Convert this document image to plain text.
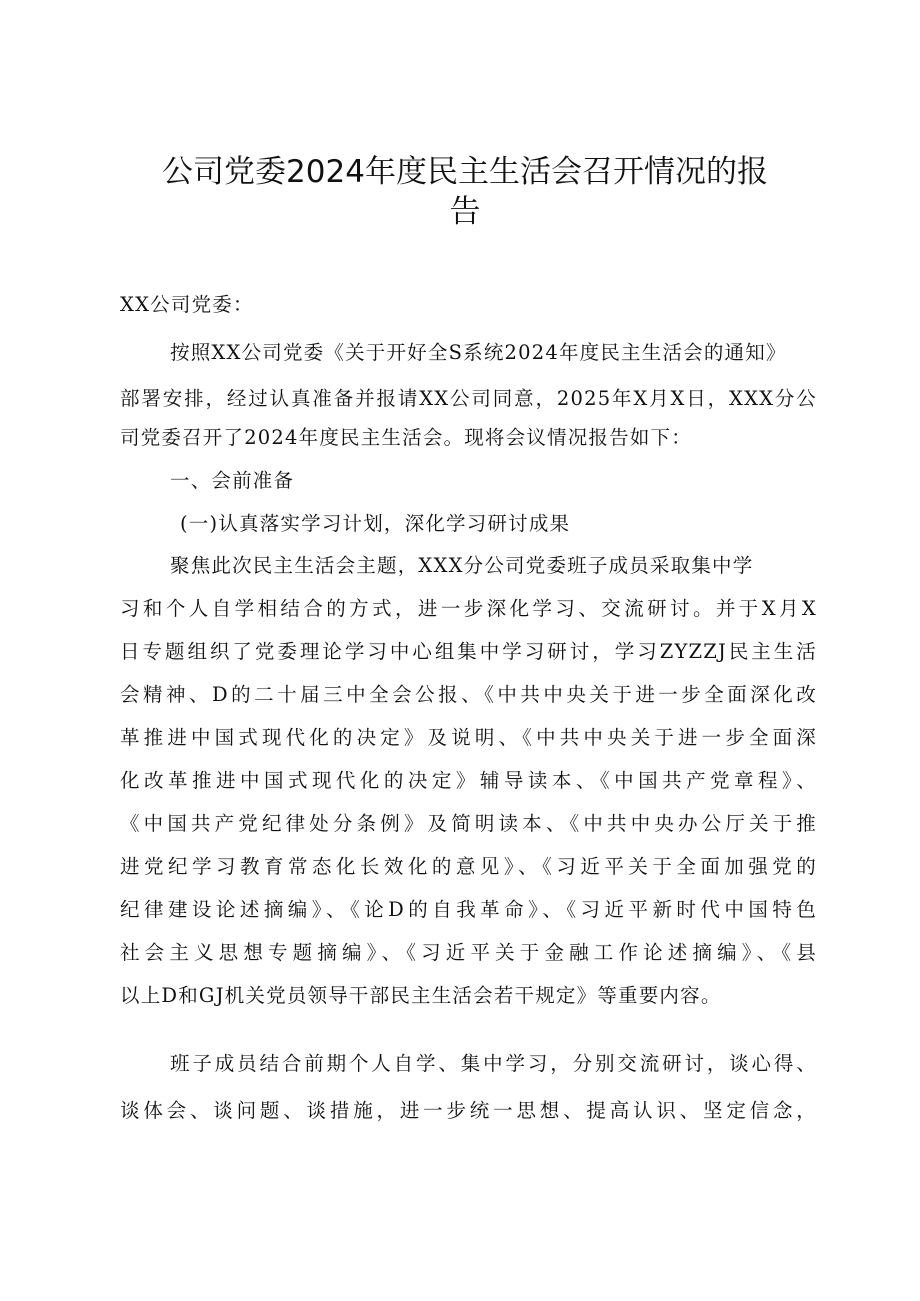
公司党委2024年度民主生活会召开情况的报
告
XX公司党委：
按照XX公司党委《关于开好全S系统2024年度民主生活会的通知》
部署安排，经过认真准备并报请XX公司同意，2025年X月X日，XXX分公
司党委召开了2024年度民主生活会。现将会议情况报告如下：
一、会前准备
(一)认真落实学习计划，深化学习研讨成果
聚焦此次民主生活会主题，XXX分公司党委班子成员采取集中学
习和个人自学相结合的方式，进一步深化学习、交流研讨。并于X月X
日专题组织了党委理论学习中心组集中学习研讨，学习ZYZZJ民主生活
会精神、D的二十届三中全会公报、《中共中央关于进一步全面深化改
革推进中国式现代化的决定》及说明、《中共中央关于进一步全面深
化改革推进中国式现代化的决定》辅导读本、《中国共产党章程》、
《中国共产党纪律处分条例》及简明读本、《中共中央办公厅关于推
进党纪学习教育常态化长效化的意见》、《习近平关于全面加强党的
纪律建设论述摘编》、《论D的自我革命》、《习近平新时代中国特色
社会主义思想专题摘编》、《习近平关于金融工作论述摘编》、《县
以上D和GJ机关党员领导干部民主生活会若干规定》等重要内容。
班子成员结合前期个人自学、集中学习，分别交流研讨，谈心得、
谈体会、谈问题、谈措施，进一步统一思想、提高认识、坚定信念，
